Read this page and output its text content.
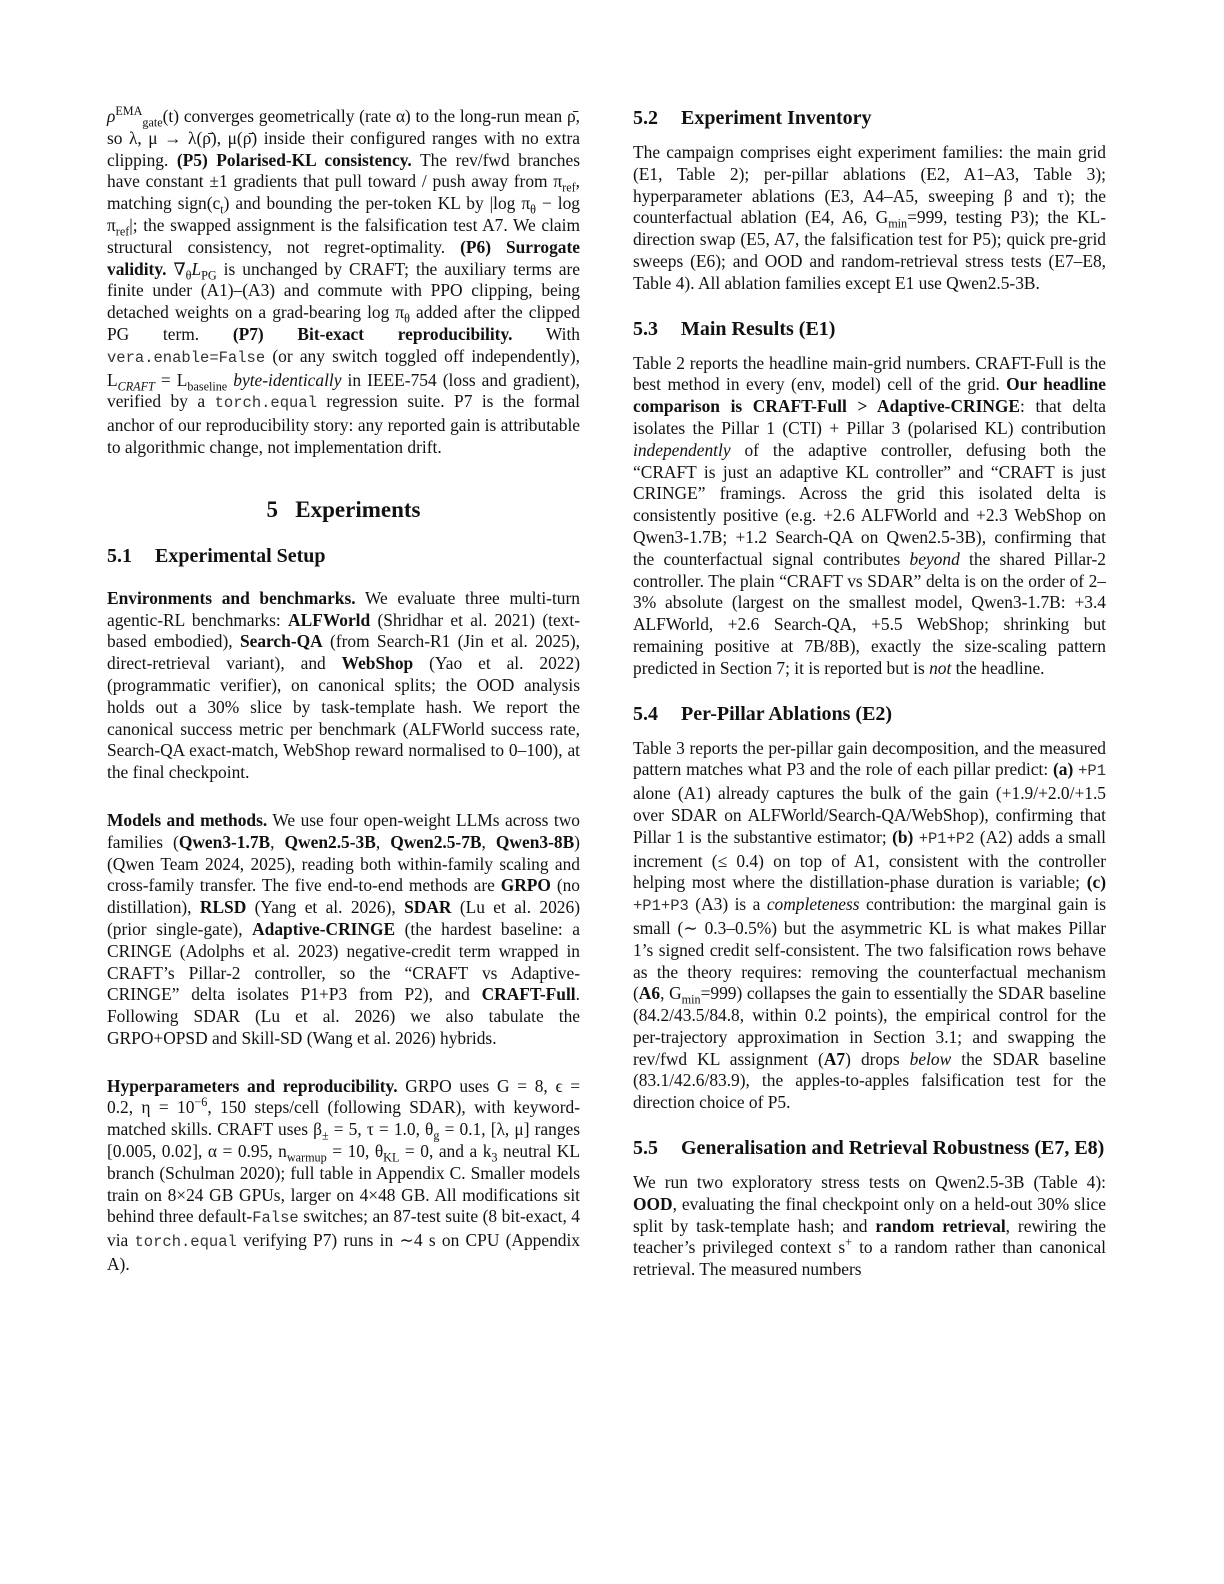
$\rho^{EMA}_{gate}(t)$ converges geometrically (rate α) to the long-run mean ρ̄, so λ, μ → λ(ρ̄), μ(ρ̄) inside their configured ranges with no extra clipping. (P5) Polarised-KL consistency. The rev/fwd branches have constant ±1 gradients that pull toward / push away from $\pi_{ref}$, matching $sign(c_t)$ and bounding the per-token KL by |log $\pi_\theta - \log \pi_{ref}|$; the swapped assignment is the falsification test A7. We claim structural consistency, not regret-optimality. (P6) Surrogate validity. $\nabla_\theta L_{PG}$ is unchanged by CRAFT; the auxiliary terms are finite under (A1)–(A3) and commute with PPO clipping, being detached weights on a grad-bearing $\log \pi_\theta$ added after the clipped PG term. (P7) Bit-exact reproducibility. With vera.enable=False (or any switch toggled off independently), $L_{CRAFT} = L_{baseline}$ byte-identically in IEEE-754 (loss and gradient), verified by a torch.equal regression suite. P7 is the formal anchor of our reproducibility story: any reported gain is attributable to algorithmic change, not implementation drift.

5 Experiments
5.1	Experimental Setup

Environments and benchmarks. We evaluate three multi-turn agentic-RL benchmarks: ALFWorld (Shridhar et al. 2021) (text-based embodied), Search-QA (from Search-R1 (Jin et al. 2025), direct-retrieval variant), and WebShop (Yao et al. 2022) (programmatic verifier), on canonical splits; the OOD analysis holds out a 30% slice by task-template hash. We report the canonical success metric per benchmark (ALFWorld success rate, Search-QA exact-match, WebShop reward normalised to 0–100), at the final checkpoint.

Models and methods. We use four open-weight LLMs across two families (Qwen3-1.7B, Qwen2.5-3B, Qwen2.5-7B, Qwen3-8B) (Qwen Team 2024, 2025), reading both within-family scaling and cross-family transfer. The five end-to-end methods are GRPO (no distillation), RLSD (Yang et al. 2026), SDAR (Lu et al. 2026) (prior single-gate), Adaptive-CRINGE (the hardest baseline: a CRINGE (Adolphs et al. 2023) negative-credit term wrapped in CRAFT’s Pillar-2 controller, so the “CRAFT vs Adaptive-CRINGE” delta isolates P1+P3 from P2), and CRAFT-Full. Following SDAR (Lu et al. 2026) we also tabulate the GRPO+OPSD and Skill-SD (Wang et al. 2026) hybrids.

Hyperparameters and reproducibility. GRPO uses G = 8, ϵ = 0.2, $\eta = 10^{-6}$, 150 steps/cell (following SDAR), with keyword-matched skills. CRAFT uses $\beta_\pm = 5$, τ = 1.0, $\theta_g = 0.1$, [λ, μ] ranges [0.005, 0.02], α = 0.95, $n_{warmup} = 10$, $\theta_{KL} = 0$, and a $k_3$ neutral KL branch (Schulman 2020); full table in Appendix C. Smaller models train on 8×24 GB GPUs, larger on 4×48 GB. All modifications sit behind three default-False switches; an 87-test suite (8 bit-exact, 4 via torch.equal verifying P7) runs in ∼4 s on CPU (Appendix A).

5.2	Experiment Inventory

The campaign comprises eight experiment families: the main grid (E1, Table 2); per-pillar ablations (E2, A1–A3, Table 3); hyperparameter ablations (E3, A4–A5, sweeping β and τ); the counterfactual ablation (E4, A6, $G_{min}=999$, testing P3); the KL-direction swap (E5, A7, the falsification test for P5); quick pre-grid sweeps (E6); and OOD and random-retrieval stress tests (E7–E8, Table 4). All ablation families except E1 use Qwen2.5-3B.

5.3	Main Results (E1)

Table 2 reports the headline main-grid numbers. CRAFT-Full is the best method in every (env, model) cell of the grid. Our headline comparison is CRAFT-Full > Adaptive-CRINGE: that delta isolates the Pillar 1 (CTI) + Pillar 3 (polarised KL) contribution independently of the adaptive controller, defusing both the “CRAFT is just an adaptive KL controller” and “CRAFT is just CRINGE” framings. Across the grid this isolated delta is consistently positive (e.g. +2.6 ALFWorld and +2.3 WebShop on Qwen3-1.7B; +1.2 Search-QA on Qwen2.5-3B), confirming that the counterfactual signal contributes beyond the shared Pillar-2 controller. The plain “CRAFT vs SDAR” delta is on the order of 2–3% absolute (largest on the smallest model, Qwen3-1.7B: +3.4 ALFWorld, +2.6 Search-QA, +5.5 WebShop; shrinking but remaining positive at 7B/8B), exactly the size-scaling pattern predicted in Section 7; it is reported but is not the headline.

5.4	Per-Pillar Ablations (E2)

Table 3 reports the per-pillar gain decomposition, and the measured pattern matches what P3 and the role of each pillar predict: (a) +P1 alone (A1) already captures the bulk of the gain (+1.9/+2.0/+1.5 over SDAR on ALFWorld/Search-QA/WebShop), confirming that Pillar 1 is the substantive estimator; (b) +P1+P2 (A2) adds a small increment (≤ 0.4) on top of A1, consistent with the controller helping most where the distillation-phase duration is variable; (c) +P1+P3 (A3) is a completeness contribution: the marginal gain is small (∼ 0.3–0.5%) but the asymmetric KL is what makes Pillar 1’s signed credit self-consistent. The two falsification rows behave as the theory requires: removing the counterfactual mechanism (A6, $G_{min}=999$) collapses the gain to essentially the SDAR baseline (84.2/43.5/84.8, within 0.2 points), the empirical control for the per-trajectory approximation in Section 3.1; and swapping the rev/fwd KL assignment (A7) drops below the SDAR baseline (83.1/42.6/83.9), the apples-to-apples falsification test for the direction choice of P5.

5.5	Generalisation and Retrieval Robustness (E7, E8)

We run two exploratory stress tests on Qwen2.5-3B (Table 4): OOD, evaluating the final checkpoint only on a held-out 30% slice split by task-template hash; and random retrieval, rewiring the teacher’s privileged context s+ to a random rather than canonical retrieval. The measured numbers
